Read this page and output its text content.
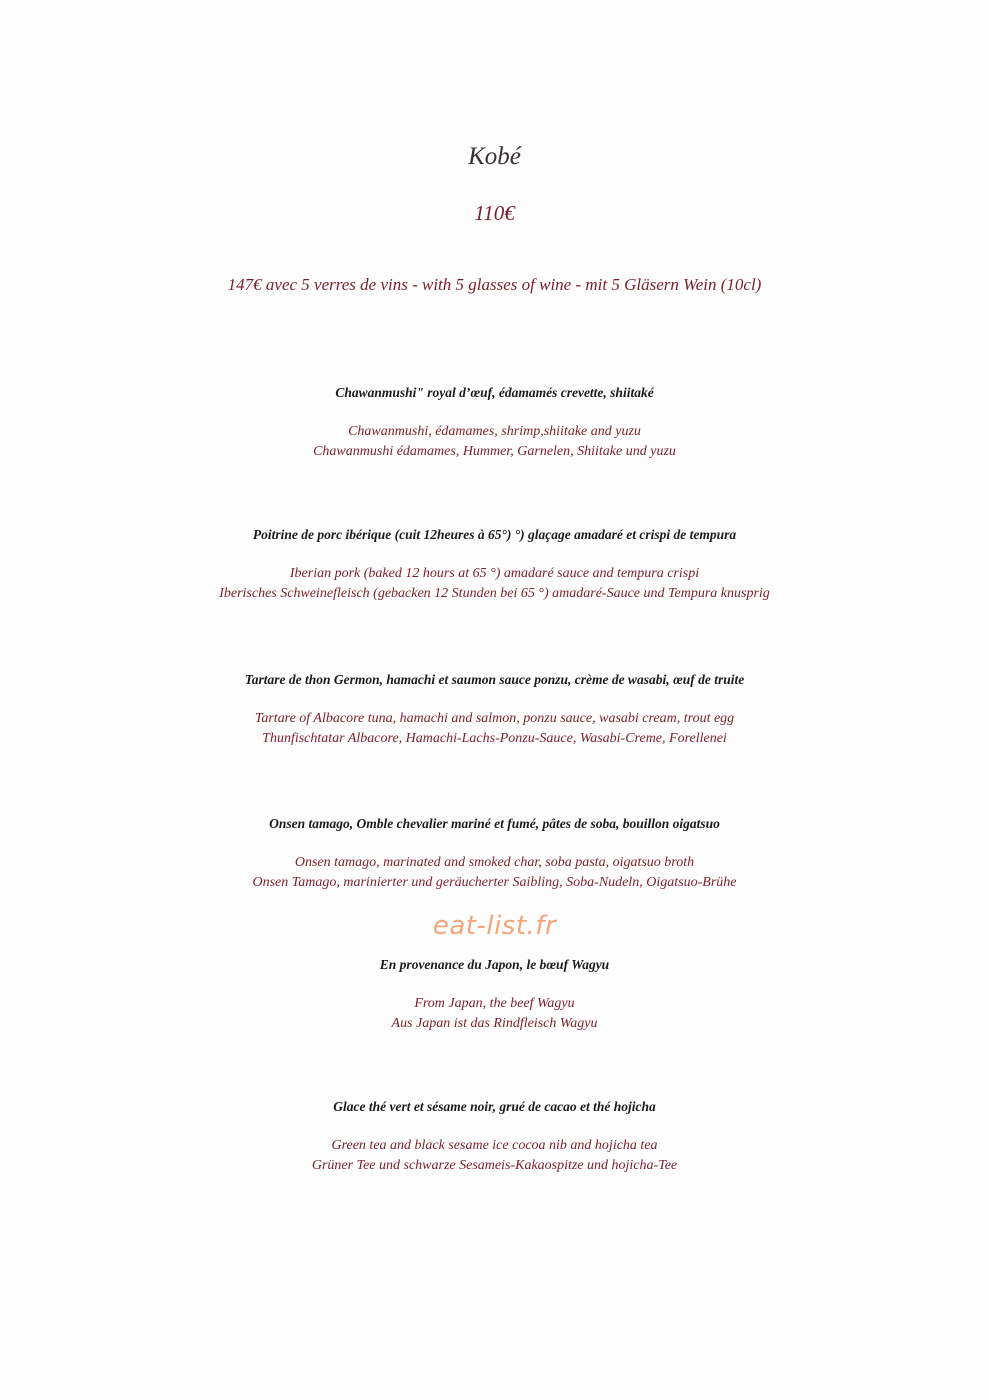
Kobé
110€
147€ avec 5 verres de vins - with 5 glasses of wine - mit 5 Gläsern Wein (10cl)
Chawanmushi" royal d’œuf, édamamés crevette, shiitaké
Chawanmushi, édamames, shrimp,shiitake and yuzu
Chawanmushi édamames, Hummer, Garnelen, Shiitake und yuzu
Poitrine de porc ibérique (cuit 12heures à 65°) °) glaçage amadaré et crispi de tempura
Iberian pork (baked 12 hours at 65 °) amadaré sauce and tempura crispi
Iberisches Schweinefleisch (gebacken 12 Stunden bei 65 °) amadaré-Sauce und Tempura knusprig
Tartare de thon Germon, hamachi et saumon sauce ponzu, crème de wasabi, œuf de truite
Tartare of Albacore tuna, hamachi and salmon, ponzu sauce, wasabi cream, trout egg
Thunfischtatar Albacore, Hamachi-Lachs-Ponzu-Sauce, Wasabi-Creme, Forellenei
Onsen tamago, Omble chevalier mariné et fumé, pâtes de soba, bouillon oigatsuo
Onsen tamago, marinated and smoked char, soba pasta, oigatsuo broth
Onsen Tamago, marinierter und geräucherter Saibling, Soba-Nudeln, Oigatsuo-Brühe
eat-list.fr
En provenance du Japon, le bœuf Wagyu
From Japan, the beef Wagyu
Aus Japan ist das Rindfleisch Wagyu
Glace thé vert et sésame noir, grué de cacao et thé hojicha
Green tea and black sesame ice cocoa nib and hojicha tea
Grüner Tee und schwarze Sesameis-Kakaospitze und hojicha-Tee
